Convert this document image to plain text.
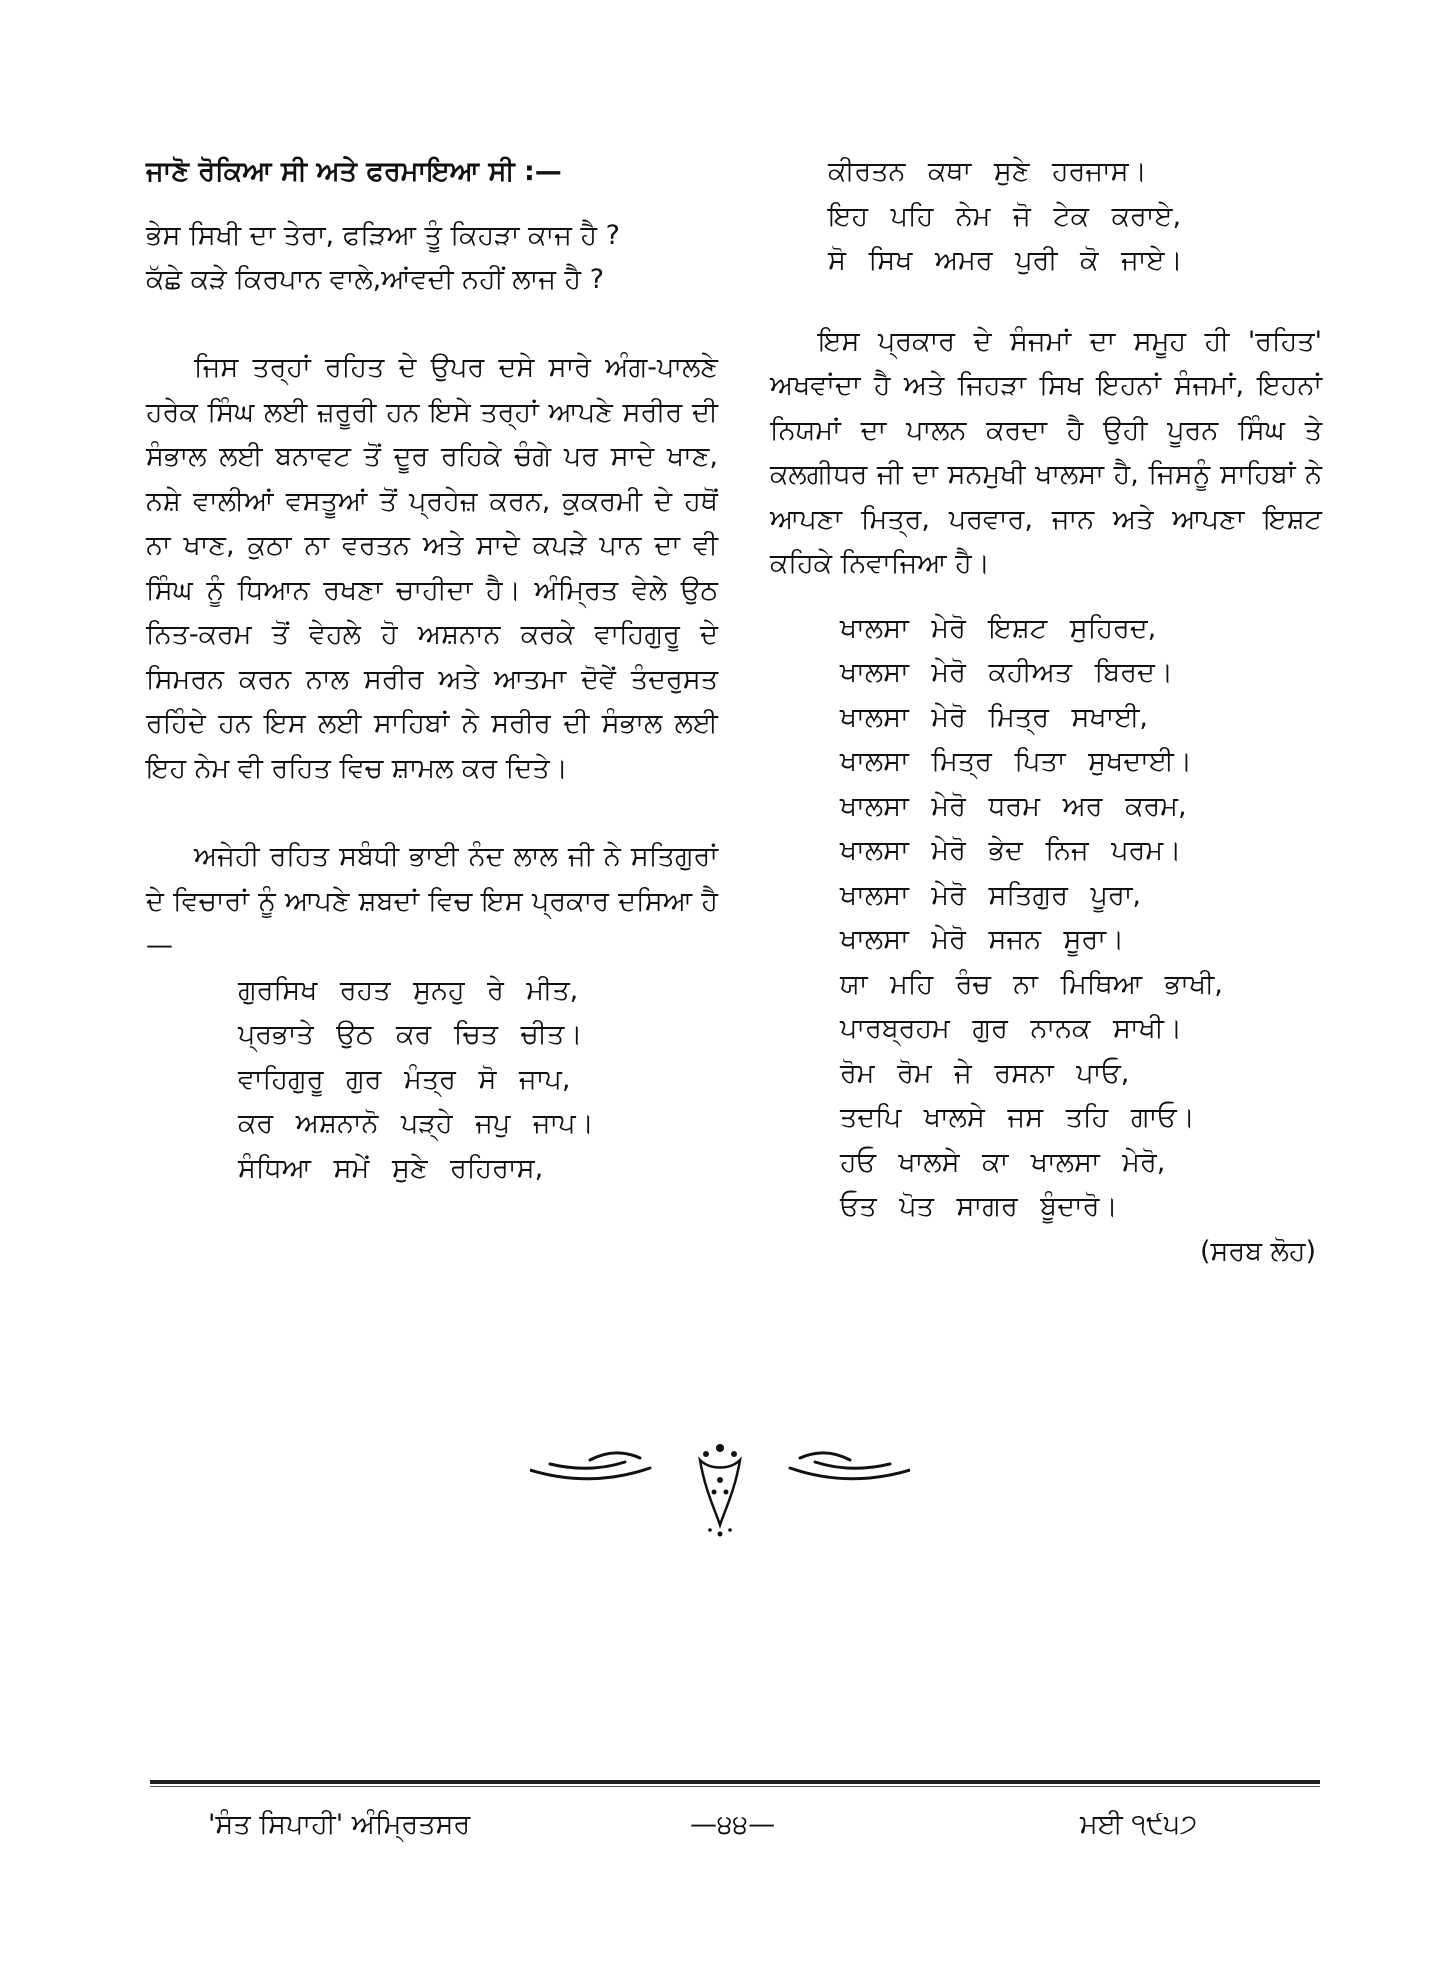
ਜਾਣੋ ਰੋਕਿਆ ਸੀ ਅਤੇ ਫਰਮਾਇਆ ਸੀ :—
ਭੇਸ ਸਿਖੀ ਦਾ ਤੇਰਾ, ਫੜਿਆ ਤੂੰ ਕਿਹੜਾ ਕਾਜ ਹੈ ?
ਕੱਛੇ ਕੜੇ ਕਿਰਪਾਨ ਵਾਲੇ,ਆਂਵਦੀ ਨਹੀਂ ਲਾਜ ਹੈ ?
ਜਿਸ ਤਰ੍ਹਾਂ ਰਹਿਤ ਦੇ ਉਪਰ ਦਸੇ ਸਾਰੇ ਅੰਗ-ਪਾਲਣੇ ਹਰੇਕ ਸਿੰਘ ਲਈ ਜ਼ਰੂਰੀ ਹਨ ਇਸੇ ਤਰ੍ਹਾਂ ਆਪਣੇ ਸਰੀਰ ਦੀ ਸੰਭਾਲ ਲਈ ਬਨਾਵਟ ਤੋਂ ਦੂਰ ਰਹਿਕੇ ਚੰਗੇ ਪਰ ਸਾਦੇ ਖਾਣ, ਨਸ਼ੇ ਵਾਲੀਆਂ ਵਸਤੂਆਂ ਤੋਂ ਪ੍ਰਹੇਜ਼ ਕਰਨ, ਕੁਕਰਮੀ ਦੇ ਹਥੋਂ ਨਾ ਖਾਣ, ਕੁਠਾ ਨਾ ਵਰਤਨ ਅਤੇ ਸਾਦੇ ਕਪੜੇ ਪਾਨ ਦਾ ਵੀ ਸਿੰਘ ਨੂੰ ਧਿਆਨ ਰਖਣਾ ਚਾਹੀਦਾ ਹੈ। ਅੰਮ੍ਰਿਤ ਵੇਲੇ ਉਠ ਨਿਤ-ਕਰਮ ਤੋਂ ਵੇਹਲੇ ਹੋ ਅਸ਼ਨਾਨ ਕਰਕੇ ਵਾਹਿਗੁਰੂ ਦੇ ਸਿਮਰਨ ਕਰਨ ਨਾਲ ਸਰੀਰ ਅਤੇ ਆਤਮਾ ਦੋਵੇਂ ਤੰਦਰੁਸਤ ਰਹਿੰਦੇ ਹਨ ਇਸ ਲਈ ਸਾਹਿਬਾਂ ਨੇ ਸਰੀਰ ਦੀ ਸੰਭਾਲ ਲਈ ਇਹ ਨੇਮ ਵੀ ਰਹਿਤ ਵਿਚ ਸ਼ਾਮਲ ਕਰ ਦਿਤੇ।
ਅਜੇਹੀ ਰਹਿਤ ਸਬੰਧੀ ਭਾਈ ਨੰਦ ਲਾਲ ਜੀ ਨੇ ਸਤਿਗੁਰਾਂ ਦੇ ਵਿਚਾਰਾਂ ਨੂੰ ਆਪਣੇ ਸ਼ਬਦਾਂ ਵਿਚ ਇਸ ਪ੍ਰਕਾਰ ਦਸਿਆ ਹੈ—
ਗੁਰਸਿਖ ਰਹਤ ਸੁਨਹੁ ਰੇ ਮੀਤ,
ਪ੍ਰਭਾਤੇ ਉਠ ਕਰ ਚਿਤ ਚੀਤ।
ਵਾਹਿਗੁਰੂ ਗੁਰ ਮੰਤ੍ਰ ਸੋ ਜਾਪ,
ਕਰ ਅਸ਼ਨਾਨੋ ਪੜ੍ਹੇ ਜਪੁ ਜਾਪ।
ਸੰਧਿਆ ਸਮੇਂ ਸੁਣੇ ਰਹਿਰਾਸ,
ਕੀਰਤਨ ਕਥਾ ਸੁਣੇ ਹਰਜਾਸ।
ਇਹ ਪਹਿ ਨੇਮ ਜੋ ਟੇਕ ਕਰਾਏ,
ਸੋ ਸਿਖ ਅਮਰ ਪੁਰੀ ਕੋ ਜਾਏ।
ਇਸ ਪ੍ਰਕਾਰ ਦੇ ਸੰਜਮਾਂ ਦਾ ਸਮੂਹ ਹੀ 'ਰਹਿਤ' ਅਖਵਾਂਦਾ ਹੈ ਅਤੇ ਜਿਹੜਾ ਸਿਖ ਇਹਨਾਂ ਸੰਜਮਾਂ, ਇਹਨਾਂ ਨਿਯਮਾਂ ਦਾ ਪਾਲਨ ਕਰਦਾ ਹੈ ਉਹੀ ਪੂਰਨ ਸਿੰਘ ਤੇ ਕਲਗੀਧਰ ਜੀ ਦਾ ਸਨਮੁਖੀ ਖਾਲਸਾ ਹੈ, ਜਿਸਨੂੰ ਸਾਹਿਬਾਂ ਨੇ ਆਪਣਾ ਮਿਤ੍ਰ, ਪਰਵਾਰ, ਜਾਨ ਅਤੇ ਆਪਣਾ ਇਸ਼ਟ ਕਹਿਕੇ ਨਿਵਾਜਿਆ ਹੈ।
ਖਾਲਸਾ ਮੇਰੋ ਇਸ਼ਟ ਸੁਹਿਰਦ,
ਖਾਲਸਾ ਮੇਰੋ ਕਹੀਅਤ ਬਿਰਦ।
ਖਾਲਸਾ ਮੇਰੋ ਮਿਤ੍ਰ ਸਖਾਈ,
ਖਾਲਸਾ ਮਿਤ੍ਰ ਪਿਤਾ ਸੁਖਦਾਈ।
ਖਾਲਸਾ ਮੇਰੋ ਧਰਮ ਅਰ ਕਰਮ,
ਖਾਲਸਾ ਮੇਰੋ ਭੇਦ ਨਿਜ ਪਰਮ।
ਖਾਲਸਾ ਮੇਰੋ ਸਤਿਗੁਰ ਪੂਰਾ,
ਖਾਲਸਾ ਮੇਰੋ ਸਜਨ ਸੂਰਾ।
ਯਾ ਮਹਿ ਰੰਚ ਨਾ ਮਿਥਿਆ ਭਾਖੀ,
ਪਾਰਬ੍ਰਹਮ ਗੁਰ ਨਾਨਕ ਸਾਖੀ।
ਰੋਮ ਰੋਮ ਜੇ ਰਸਨਾ ਪਾਓ,
ਤਦਪਿ ਖਾਲਸੇ ਜਸ ਤਹਿ ਗਾਓ।
ਹਓ ਖਾਲਸੇ ਕਾ ਖਾਲਸਾ ਮੇਰੋ,
ਓਤ ਪੋਤ ਸਾਗਰ ਬੂੰਦਾਰੋ।
(ਸਰਬ ਲੋਹ)
'ਸੰਤ ਸਿਪਾਹੀ' ਅੰਮ੍ਰਿਤਸਰ	—੪੪—	ਮਈ ੧੯੫੭
